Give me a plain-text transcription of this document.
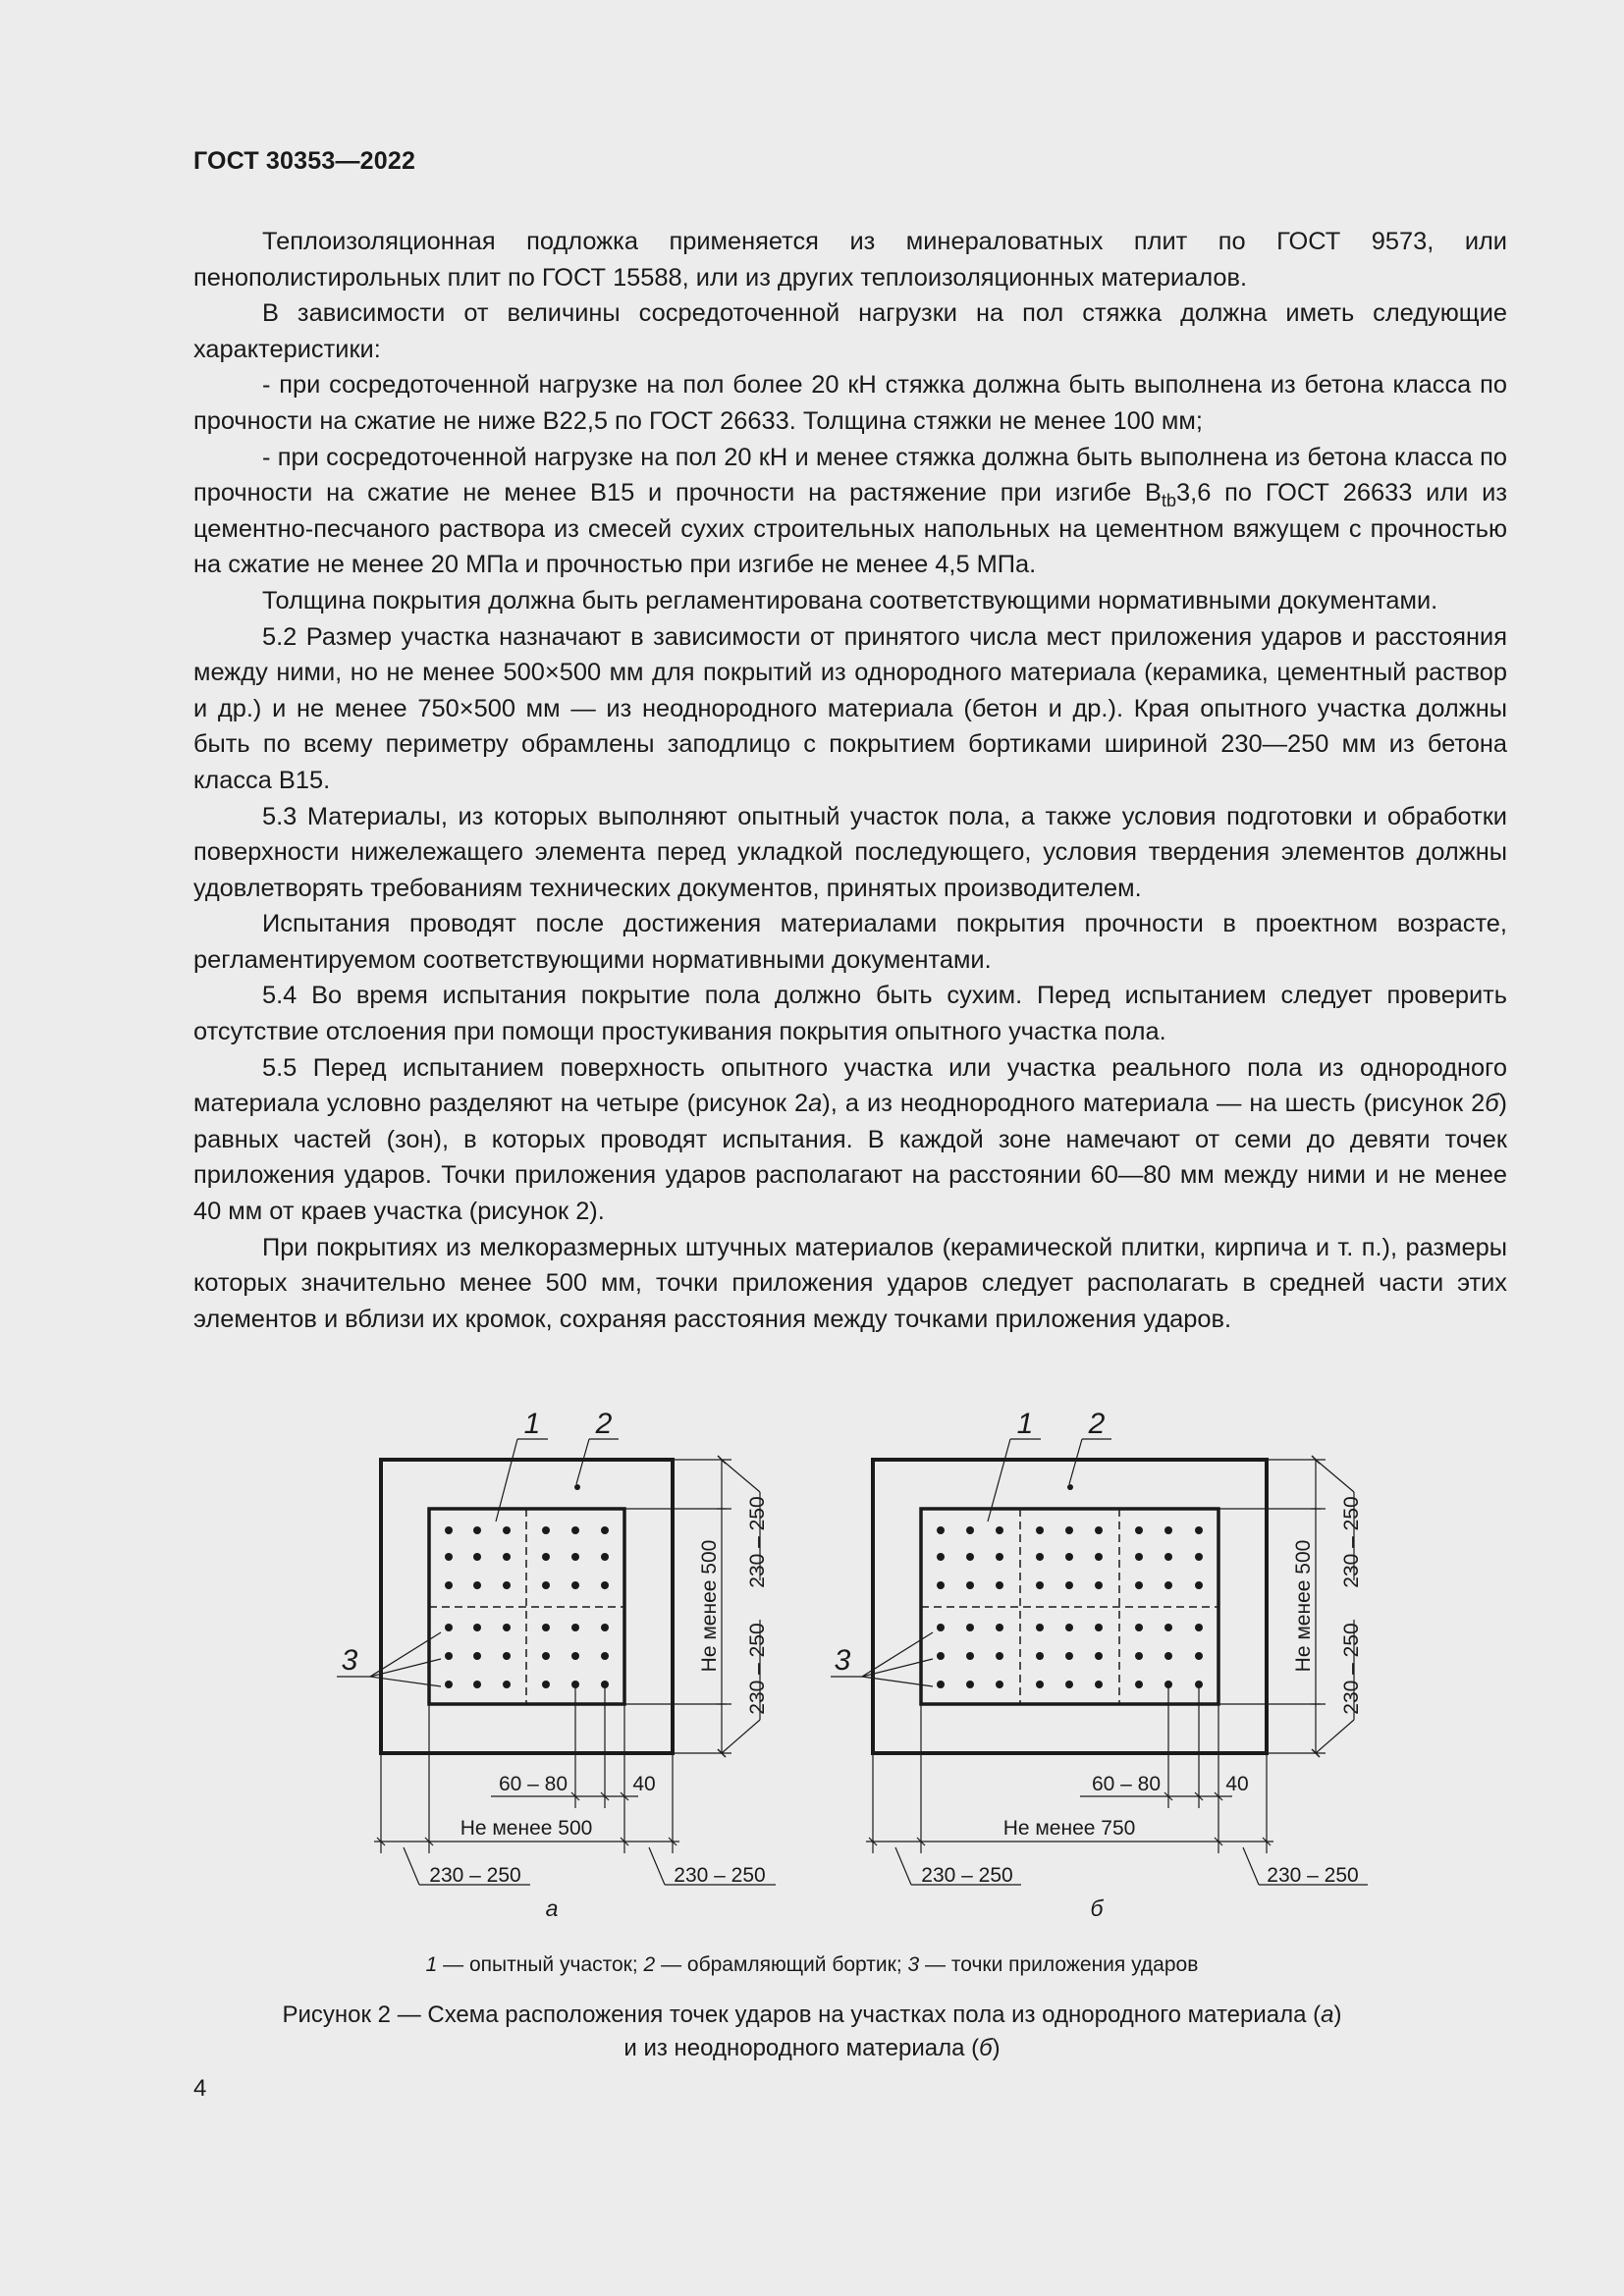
ГОСТ 30353—2022

Теплоизоляционная подложка применяется из минераловатных плит по ГОСТ 9573, или пенополистирольных плит по ГОСТ 15588, или из других теплоизоляционных материалов.

В зависимости от величины сосредоточенной нагрузки на пол стяжка должна иметь следующие характеристики:

- при сосредоточенной нагрузке на пол более 20 кН стяжка должна быть выполнена из бетона класса по прочности на сжатие не ниже В22,5 по ГОСТ 26633. Толщина стяжки не менее 100 мм;

- при сосредоточенной нагрузке на пол 20 кН и менее стяжка должна быть выполнена из бетона класса по прочности на сжатие не менее В15 и прочности на растяжение при изгибе $В_{tb}3,6$ по ГОСТ 26633 или из цементно-песчаного раствора из смесей сухих строительных напольных на цементном вяжущем с прочностью на сжатие не менее 20 МПа и прочностью при изгибе не менее 4,5 МПа.

Толщина покрытия должна быть регламентирована соответствующими нормативными документами.

5.2 Размер участка назначают в зависимости от принятого числа мест приложения ударов и расстояния между ними, но не менее 500×500 мм для покрытий из однородного материала (керамика, цементный раствор и др.) и не менее 750×500 мм — из неоднородного материала (бетон и др.). Края опытного участка должны быть по всему периметру обрамлены заподлицо с покрытием бортиками шириной 230—250 мм из бетона класса В15.

5.3 Материалы, из которых выполняют опытный участок пола, а также условия подготовки и обработки поверхности нижележащего элемента перед укладкой последующего, условия твердения элементов должны удовлетворять требованиям технических документов, принятых производителем.

Испытания проводят после достижения материалами покрытия прочности в проектном возрасте, регламентируемом соответствующими нормативными документами.

5.4 Во время испытания покрытие пола должно быть сухим. Перед испытанием следует проверить отсутствие отслоения при помощи простукивания покрытия опытного участка пола.

5.5 Перед испытанием поверхность опытного участка или участка реального пола из однородного материала условно разделяют на четыре (рисунок 2а), а из неоднородного материала — на шесть (рисунок 2б) равных частей (зон), в которых проводят испытания. В каждой зоне намечают от семи до девяти точек приложения ударов. Точки приложения ударов располагают на расстоянии 60—80 мм между ними и не менее 40 мм от краев участка (рисунок 2).

При покрытиях из мелкоразмерных штучных материалов (керамической плитки, кирпича и т. п.), размеры которых значительно менее 500 мм, точки приложения ударов следует располагать в средней части этих элементов и вблизи их кромок, сохраняя расстояния между точками приложения ударов.

1 2
3	Не менее 500 230 – 250
230 – 250
60 – 80	40
Не менее 500
230 – 250	230 – 250
а
1 2
3	Не менее 500 230 – 250
230 – 250
60 – 80	40
Не менее 750
230 – 250	230 – 250
б
1 — опытный участок; 2 — обрамляющий бортик; 3 — точки приложения ударов
Рисунок 2 — Схема расположения точек ударов на участках пола из однородного материала (а)
и из неоднородного материала (б)
4
